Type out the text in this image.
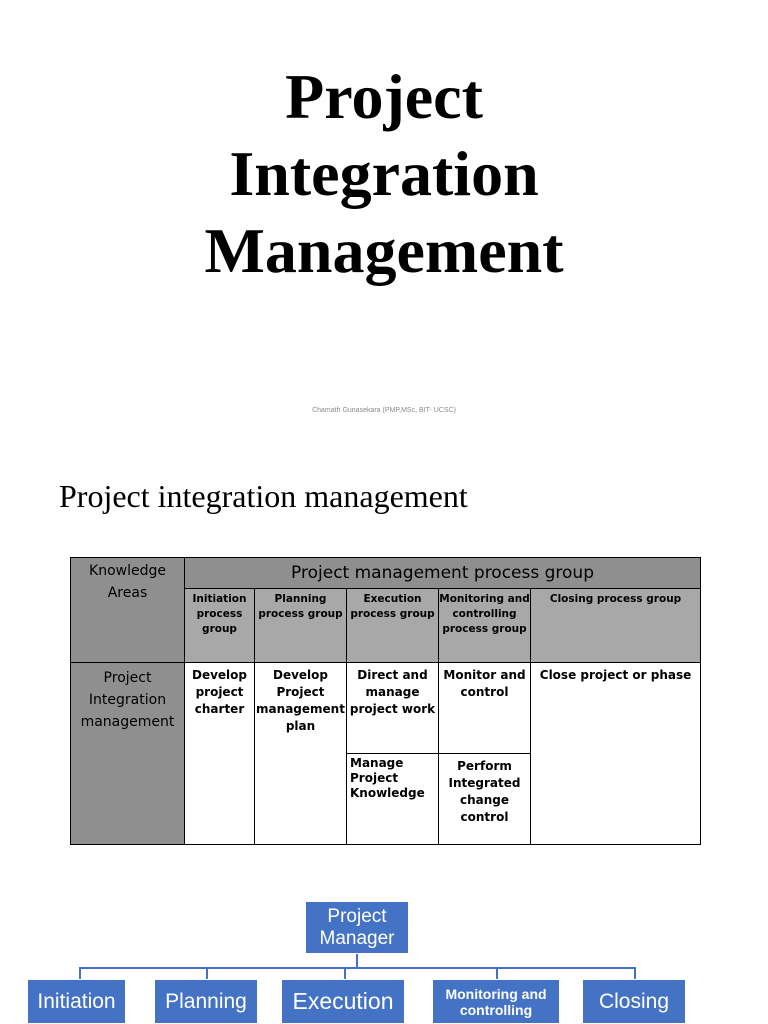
Project
Integration
Management
Chamath Gunasekara (PMP,MSc, BIT- UCSC)
Project integration management
Knowledge Areas	Project management process group				
	Initiation process group	Planning process group	Execution process group	Monitoring and controlling process group	Closing process group
Project Integration management	Develop project charter	Develop Project management plan	Direct and manage project work	Monitor and control	Close project or phase
			Manage Project Knowledge	Perform Integrated change control	
Project Manager
Initiation Planning Execution	Monitoring and controlling	Closing
